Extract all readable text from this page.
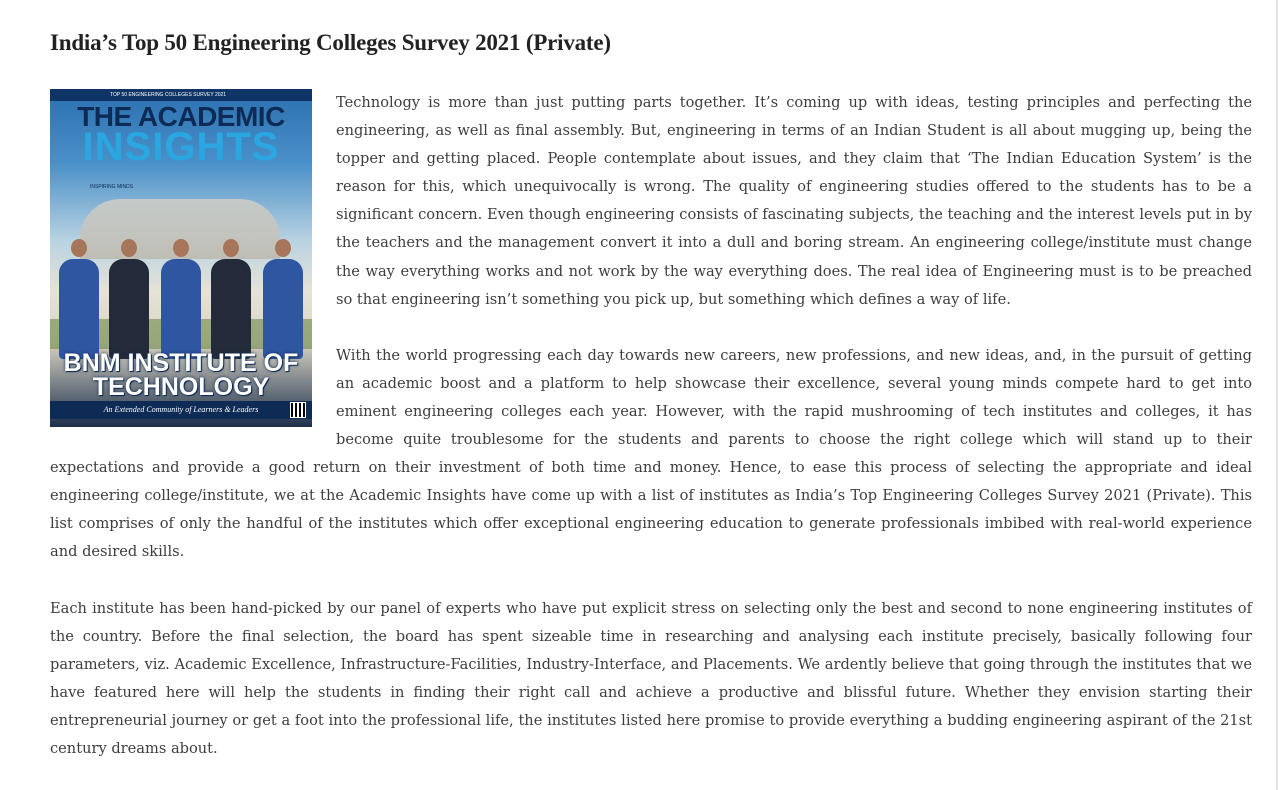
India’s Top 50 Engineering Colleges Survey 2021 (Private)
TOP 50 ENGINEERING COLLEGES SURVEY 2021
THE ACADEMIC
INSIGHTS
INSPIRING MINDS
BNM INSTITUTE OF TECHNOLOGY
An Extended Community of Learners & Leaders

Technology is more than just putting parts together. It’s coming up with ideas, testing principles and perfecting the engineering, as well as final assembly. But, engineering in terms of an Indian Student is all about mugging up, being the topper and getting placed. People contemplate about issues, and they claim that ‘The Indian Education System’ is the reason for this, which unequivocally is wrong. The quality of engineering studies offered to the students has to be a significant concern. Even though engineering consists of fascinating subjects, the teaching and the interest levels put in by the teachers and the management convert it into a dull and boring stream. An engineering college/institute must change the way everything works and not work by the way everything does. The real idea of Engineering must is to be preached so that engineering isn’t something you pick up, but something which defines a way of life.

With the world progressing each day towards new careers, new professions, and new ideas, and, in the pursuit of getting an academic boost and a platform to help showcase their excellence, several young minds compete hard to get into eminent engineering colleges each year. However, with the rapid mushrooming of tech institutes and colleges, it has become quite troublesome for the students and parents to choose the right college which will stand up to their expectations and provide a good return on their investment of both time and money. Hence, to ease this process of selecting the appropriate and ideal engineering college/institute, we at the Academic Insights have come up with a list of institutes as India’s Top Engineering Colleges Survey 2021 (Private). This list comprises of only the handful of the institutes which offer exceptional engineering education to generate professionals imbibed with real-world experience and desired skills.

Each institute has been hand-picked by our panel of experts who have put explicit stress on selecting only the best and second to none engineering institutes of the country. Before the final selection, the board has spent sizeable time in researching and analysing each institute precisely, basically following four parameters, viz. Academic Excellence, Infrastructure-Facilities, Industry-Interface, and Placements. We ardently believe that going through the institutes that we have featured here will help the students in finding their right call and achieve a productive and blissful future. Whether they envision starting their entrepreneurial journey or get a foot into the professional life, the institutes listed here promise to provide everything a budding engineering aspirant of the 21st century dreams about.
